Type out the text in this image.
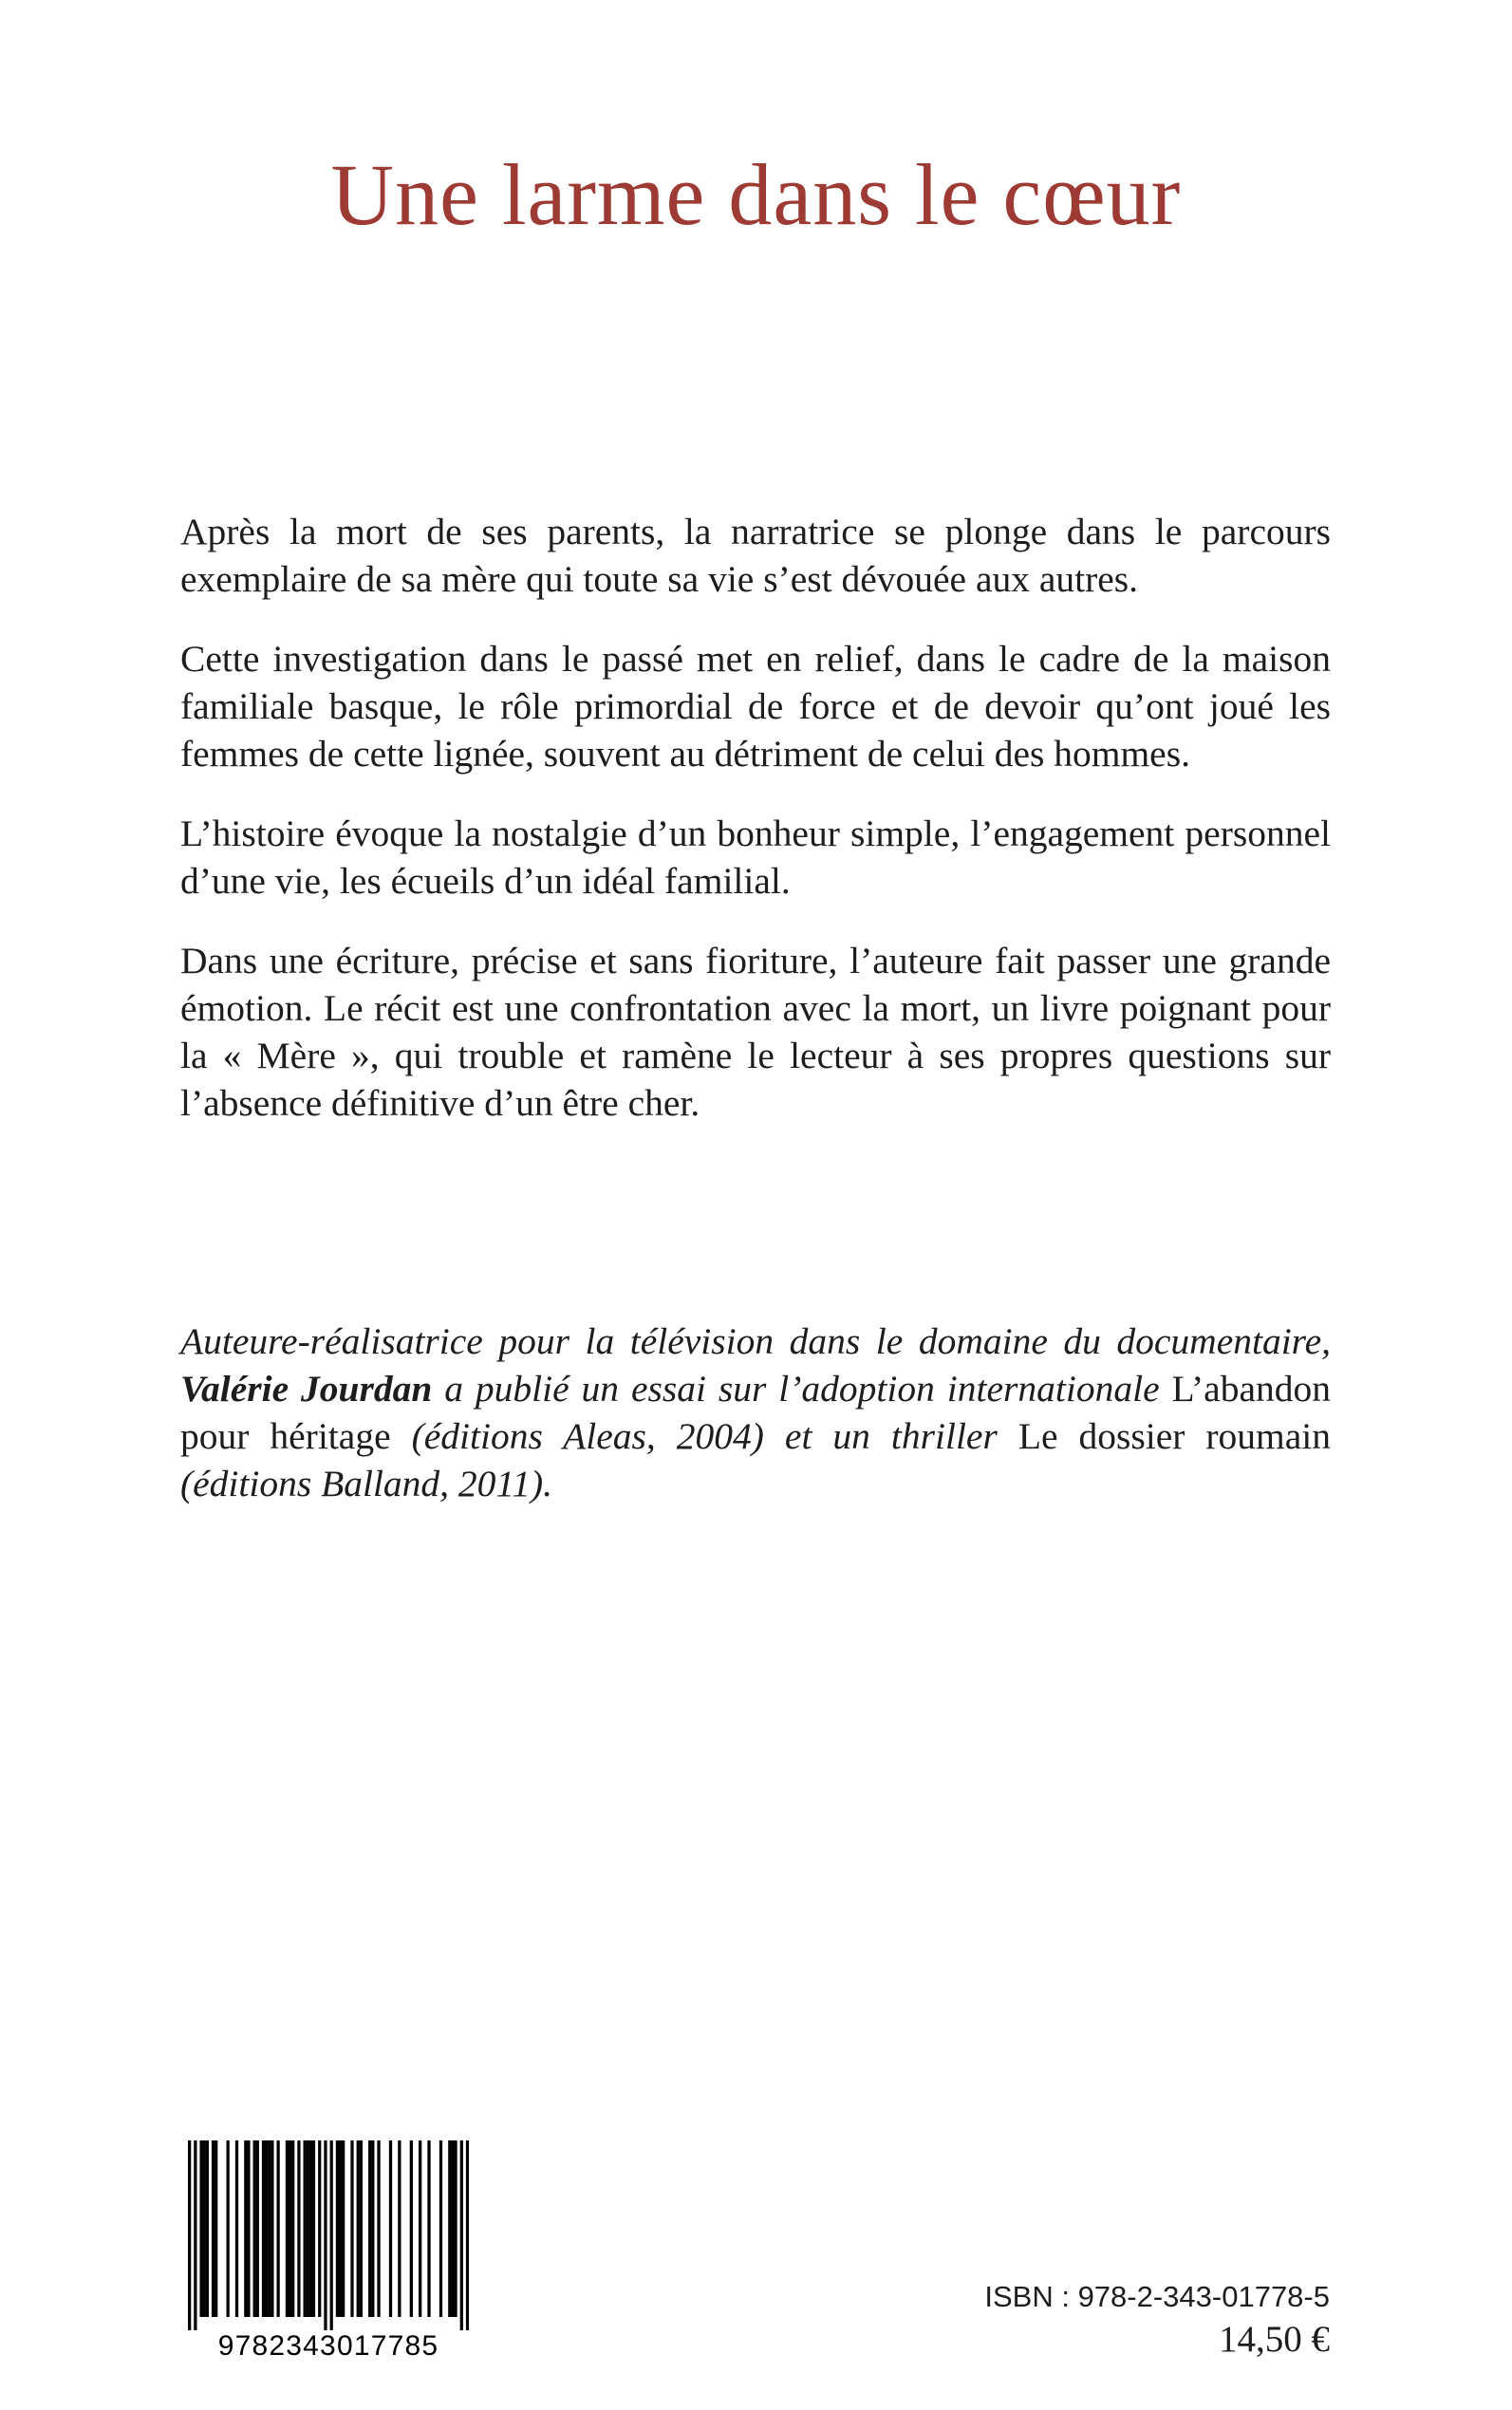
Une larme dans le cœur

Après la mort de ses parents, la narratrice se plonge dans le parcours exemplaire de sa mère qui toute sa vie s’est dévouée aux autres.

Cette investigation dans le passé met en relief, dans le cadre de la maison familiale basque, le rôle primordial de force et de devoir qu’ont joué les femmes de cette lignée, souvent au détriment de celui des hommes.

L’histoire évoque la nostalgie d’un bonheur simple, l’engagement personnel d’une vie, les écueils d’un idéal familial.

Dans une écriture, précise et sans fioriture, l’auteure fait passer une grande émotion. Le récit est une confrontation avec la mort, un livre poignant pour la « Mère », qui trouble et ramène le lecteur à ses propres questions sur l’absence définitive d’un être cher.

Auteure-réalisatrice pour la télévision dans le domaine du documentaire, Valérie Jourdan a publié un essai sur l’adoption internationale L’abandon pour héritage (éditions Aleas, 2004) et un thriller Le dossier roumain (éditions Balland, 2011).

9782343017785
ISBN : 978-2-343-01778-5
14,50 €
